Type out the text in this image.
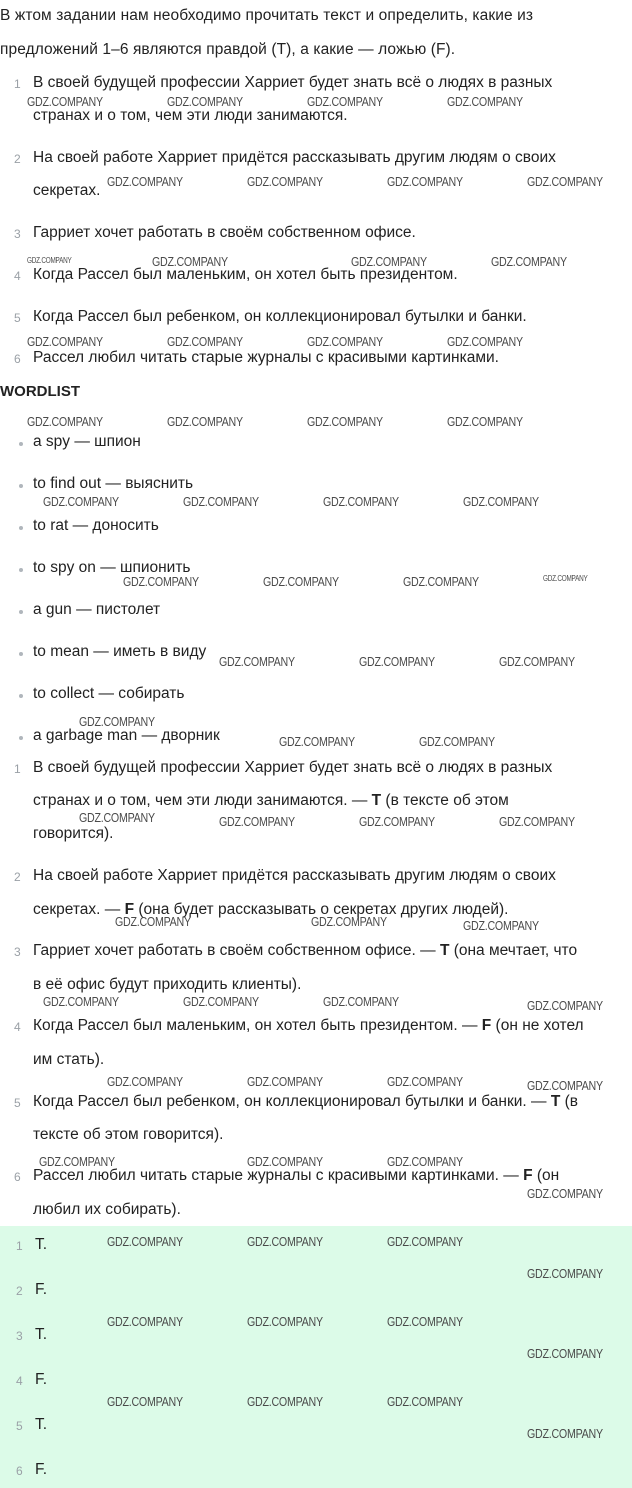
В жтом задании нам необходимо прочитать текст и определить, какие из
предложений 1–6 являются правдой (T), а какие — ложью (F).
1 В своей будущей профессии Харриет будет знать всё о людях в разных
странах и о том, чем эти люди занимаются.
2 На своей работе Харриет придётся рассказывать другим людям о своих
секретах.
3 Гарриет хочет работать в своём собственном офисе.
4 Когда Рассел был маленьким, он хотел быть президентом.
5 Когда Рассел был ребенком, он коллекционировал бутылки и банки.
6 Рассел любил читать старые журналы с красивыми картинками.
WORDLIST
a spy — шпион
to find out — выяснить
to rat — доносить
to spy on — шпионить
a gun — пистолет
to mean — иметь в виду
to collect — собирать
a garbage man — дворник
1 В своей будущей профессии Харриет будет знать всё о людях в разных
странах и о том, чем эти люди занимаются. — T (в тексте об этом
говорится).
2 На своей работе Харриет придётся рассказывать другим людям о своих
секретах. — F (она будет рассказывать о секретах других людей).
3 Гарриет хочет работать в своём собственном офисе. — T (она мечтает, что
в её офис будут приходить клиенты).
4 Когда Рассел был маленьким, он хотел быть президентом. — F (он не хотел
им стать).
5 Когда Рассел был ребенком, он коллекционировал бутылки и банки. — T (в
тексте об этом говорится).
6 Рассел любил читать старые журналы с красивыми картинками. — F (он
любил их собирать).
1 T.
2 F.
3 T.
4 F.
5 T.
6 F.
GDZ.COMPANY	GDZ.COMPANY	GDZ.COMPANY	GDZ.COMPANY
GDZ.COMPANY	GDZ.COMPANY	GDZ.COMPANY	GDZ.COMPANY
GDZ.COMPANY	GDZ.COMPANY	GDZ.COMPANY	GDZ.COMPANY
GDZ.COMPANY	GDZ.COMPANY	GDZ.COMPANY	GDZ.COMPANY
GDZ.COMPANY	GDZ.COMPANY	GDZ.COMPANY	GDZ.COMPANY
GDZ.COMPANY	GDZ.COMPANY	GDZ.COMPANY	GDZ.COMPANY
GDZ.COMPANY	GDZ.COMPANY	GDZ.COMPANY	GDZ.COMPANY
GDZ.COMPANY	GDZ.COMPANY	GDZ.COMPANY
GDZ.COMPANY
GDZ.COMPANY	GDZ.COMPANY
GDZ.COMPANY	GDZ.COMPANY	GDZ.COMPANY	GDZ.COMPANY
GDZ.COMPANY	GDZ.COMPANY	GDZ.COMPANY
GDZ.COMPANY	GDZ.COMPANY	GDZ.COMPANY	GDZ.COMPANY
GDZ.COMPANY	GDZ.COMPANY	GDZ.COMPANY	GDZ.COMPANY
GDZ.COMPANY	GDZ.COMPANY	GDZ.COMPANY
GDZ.COMPANY
GDZ.COMPANY	GDZ.COMPANY	GDZ.COMPANY
GDZ.COMPANY
GDZ.COMPANY	GDZ.COMPANY	GDZ.COMPANY
GDZ.COMPANY
GDZ.COMPANY	GDZ.COMPANY	GDZ.COMPANY
GDZ.COMPANY
